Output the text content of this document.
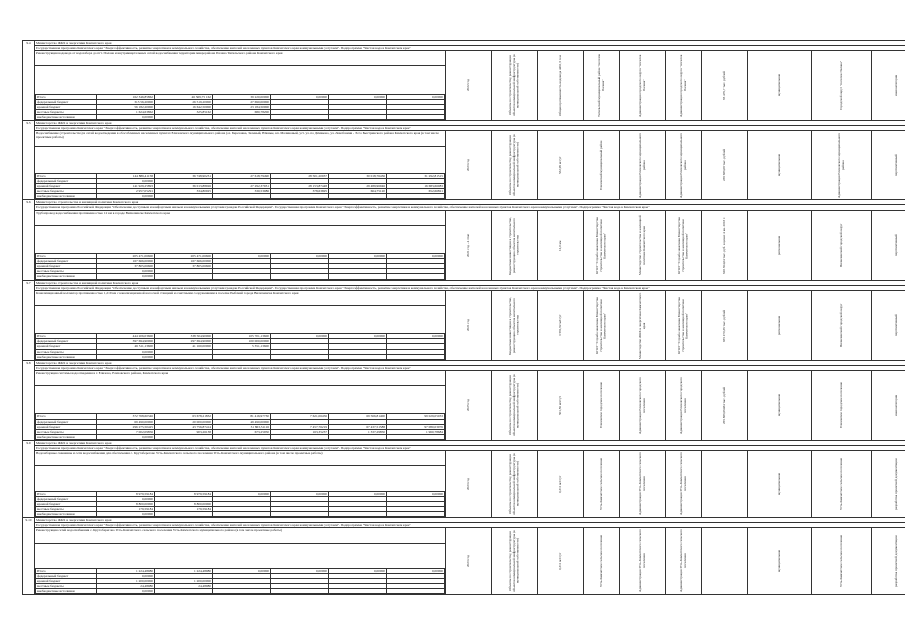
9.4	Министерство ЖКХ и энергетики Камчатского края
Государственная программа Камчатского края "Энергоэффективность, развитие энергетики и коммунального хозяйства, обеспечение жителей населенных пунктов Камчатского края коммунальными услугами". Подпрограмма "Чистая вода в Камчатском крае"
Реконструкция водовода от водозабора до пгт. Палана и внутриквартальных сетей водоснабжения территории микрорайона Палана Тигильского района Камчатского края	
2022 год	Объекты по строительству, реконструкции объектов коммунальной инфраструктуры (в муниципальной собственности)	Общая протяженность водовода 4461,5 п.м	Тигильский муниципальный район "поселок Палана"	Администрация городского округа "поселок Палана"	Администрация городского округа "поселок Палана"	65 476,7 тыс. рублей	муниципальная	Городской округ "поселок Палана"	иная категория

Итого	162 346,85862	46 369,75 162	39 220,00000	0,00000	0,00000	0,00000
федеральный бюджет	313 56,20000	26 519,20000	27 690,00000			
краевой бюджет	56 182,20000	16 642,50000	23 184,50000			
местные бюджеты	1 624,63862	325,85162	680,78200			
внебюджетные источники	0,00000					

9.5	Министерство ЖКХ и энергетики Камчатского края
Государственная программа Камчатского края "Энергоэффективность, развитие энергетики и коммунального хозяйства, обеспечение жителей населенных пунктов Камчатского края коммунальными услугами". Подпрограмма "Чистая вода в Камчатском крае"
Водоснабжение (строительство) и сетей водоотведения в обособленных населенных пунктах Елизовского муниципального района (оз. Березовка, Зеленый, Южные, кп. Малиновый, уст. ул. по Дёмаково, ул. Левобазиня - Эссо Быстринского района Камчатского края (в том числе проектные работы)	
2023 год	Объекты по строительству, реконструкции объектов коммунальной инфраструктуры (в муниципальной собственности)	532,96 м/сут	Елизовский муниципальный район	Администрация Елизовского муниципального района	Администрация Елизовского муниципального района	239 686,08 тыс. рублей	муниципальная	Администрация Елизовского муниципального района	перспективный

Итого	144 886,41158	36 748,90231	27 618,79490	28 501,20937	30 018,76436	31 292,81515
федеральный бюджет	0,00000					
краевой бюджет	141 929,25893	36 013,88926	27 292,37931	28 153,87448	29 489,96946	16 683,66083
местные бюджеты	2 957,05291	334,80925	330,53086	378,63695	664,75120	652,66821
внебюджетные источники	0,00000					

9.6	Министерство строительства и жилищной политики Камчатского края
Государственная программа Российской Федерации "Обеспечение доступным и комфортным жильем и коммунальными услугами граждан Российской Федерации". Государственная программа Камчатского края "Энергоэффективность, развитие энергетики и коммунального хозяйства, обеспечение жителей населенных пунктов Камчатского края коммунальными услугами". Подпрограмма "Чистая вода в Камчатском крае"
Трубопровод водоснабжения протяженностью 12 км в городе Вилючинске Камчатского края	
2021 год - 4 этап	Бюджетные инвестиции в строительство, реконструкцию объектов капитального строительства	12,0 км	КГКУ "Служба заказчика Министерства строительства и жилищной политики Камчатского края"	Министерство строительства и жилищной политики Камчатского края	КГКУ "Служба заказчика Министерства строительства и жилищной политики Камчатского края"	628 364,04 тыс. руб. в ценах 4 кв. 2018 г.	региональная	Вилючинский городской округ	перспективный

Итого	205 471,06600	205 471,06600	0,00000	0,00000	0,00000	0,00000
федеральный бюджет	167 666,00000	167 666,00000				
краевой бюджет	37 805,06600	37 805,06600				
местные бюджеты	0,00000					
внебюджетные источники	0,00000					

9.7	Министерство строительства и жилищной политики Камчатского края
Государственная программа Российской Федерации "Обеспечение доступным и комфортным жильем и коммунальными услугами граждан Российской Федерации". Государственная программа Камчатского края "Энергоэффективность, развитие энергетики и коммунального хозяйства, обеспечение жителей населенных пунктов Камчатского края коммунальными услугами". Подпрограмма "Чистая вода в Камчатском крае"
Канализационный коллектор протяженностью 1,219 км с канализационной насосной станцией и очистными сооружениями в поселке Рыбачий города Вилючинска Камчатского края	
2021 год	Бюджетные инвестиции в строительство, реконструкцию объектов капитального строительства	3 591,92 м3/сут	КГКУ "Служба заказчика Министерства строительства и жилищной политики Камчатского края"	Министерство ЖКХ и энергетики Камчатского края	КГКУ "Служба заказчика Министерства строительства и жилищной политики Камчатского края"	835 270,36 тыс. рублей	региональная	Вилючинский городской округ	перспективный

Итого	444 206,03600	338 504,90000	105 701,13600	0,00000	0,00000	0,00000
федеральный бюджет	397 694,90000	297 694,90000	100 000,00000			
краевой бюджет	46 511,13600	41 160,00000	5 351,13600			
местные бюджеты	0,00000					
внебюджетные источники	0,00000					

9.8	Министерство ЖКХ и энергетики Камчатского края
Государственная программа Камчатского края "Энергоэффективность, развитие энергетики и коммунального хозяйства, обеспечение жителей населенных пунктов Камчатского края коммунальными услугами". Подпрограмма "Чистая вода в Камчатском крае"
Реконструкция системы водоотведения в г. Елизово, Елизовского района, Камчатского края	
2025 год	Объекты по строительству, реконструкции объектов коммунальной инфраструктуры (в муниципальной собственности)	501,56 м3/сут	Елизовское городское поселение	Администрация Елизовского городского поселения	Администрация Елизовского городского поселения	265 886,66484 тыс. рублей	муниципальная	Елизовское городское поселение	иная категория

Итого	372 768,60346	63 678,21832	81 416,97730	7 621,06456	69 566,81400	99 029,05033
федеральный бюджет	69 490,00000	20 000,00000	49 490,00000			
краевой бюджет	296 275,50425	43 756,87414	31 863,31116	7 457,76219	67 437,51588	97 080,03976
местные бюджеты	7 002,09856	903,26138	673,25950	163,35237	1 337,29850	1 960,78684
внебюджетные источники	0,00000					

9.9	Министерство ЖКХ и энергетики Камчатского края
Государственная программа Камчатского края "Энергоэффективность, развитие энергетики и коммунального хозяйства, обеспечение жителей населенных пунктов Камчатского края коммунальными услугами". Подпрограмма "Чистая вода в Камчатском крае"
Водозаборные скважины и сети водоснабжения для обеспечения с. Крутоберегово Усть-Камчатского сельского поселения Усть-Камчатского муниципального района (в том числе проектные работы)	
2023 год	Объекты по строительству, реконструкции объектов коммунальной инфраструктуры (в муниципальной собственности)	0,311 м3/сут	Усть-Камчатское сельское поселение	Администрация Усть-Камчатского сельского поселения	Администрация Усть-Камчатского сельского поселения		муниципальная	Усть-Камчатское сельское поселение	разработка проектной документации

Итого	8 979,59184	8 979,59184	0,00000	0,00000	0,00000	0,00000
федеральный бюджет	0,00000					
краевой бюджет	8 800,00000	8 800,00000				
местные бюджеты	179,59184	179,59184				
внебюджетные источники	0,00000					

9.10	Министерство ЖКХ и энергетики Камчатского края
Государственная программа Камчатского края "Энергоэффективность, развитие энергетики и коммунального хозяйства, обеспечение жителей населенных пунктов Камчатского края коммунальными услугами". Подпрограмма "Чистая вода в Камчатском крае"
Реконструкция сетей водоснабжения с. Крутоберегово Усть-Камчатского сельского поселения Усть-Камчатского муниципального района (в том числе проектные работы)	
2023 год	Объекты по строительству, реконструкции объектов коммунальной инфраструктуры (в муниципальной собственности)	0,311 м3/сут	Усть-Камчатское сельское поселение	Администрация Усть-Камчатского сельского поселения	Администрация Усть-Камчатского сельского поселения		муниципальная	Усть-Камчатское сельское поселение	разработка проектной документации

Итого	1 224,48980	1 224,48980	0,00000	0,00000	0,00000	0,00000
федеральный бюджет	0,00000					
краевой бюджет	1 200,00000	1 200,00000				
местные бюджеты	24,48980	24,48980				
внебюджетные источники	0,00000					
